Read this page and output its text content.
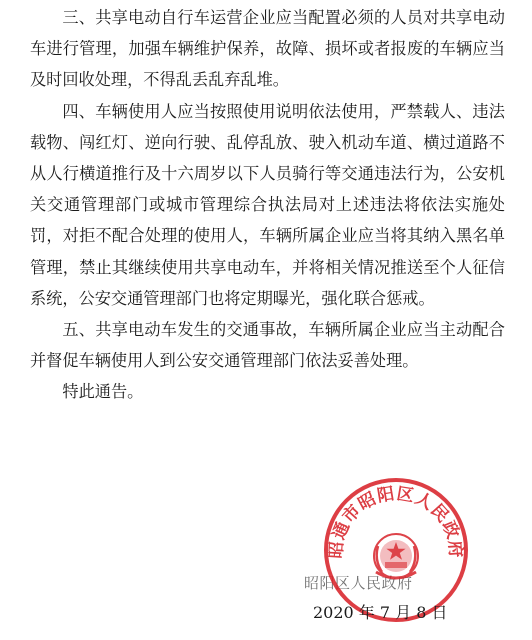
三、共享电动自行车运营企业应当配置必须的人员对共享电动车进行管理，加强车辆维护保养，故障、损坏或者报废的车辆应当及时回收处理，不得乱丢乱弃乱堆。

四、车辆使用人应当按照使用说明依法使用，严禁载人、违法载物、闯红灯、逆向行驶、乱停乱放、驶入机动车道、横过道路不从人行横道推行及十六周岁以下人员骑行等交通违法行为，公安机关交通管理部门或城市管理综合执法局对上述违法将依法实施处罚，对拒不配合处理的使用人，车辆所属企业应当将其纳入黑名单管理，禁止其继续使用共享电动车，并将相关情况推送至个人征信系统，公安交通管理部门也将定期曝光，强化联合惩戒。

五、共享电动车发生的交通事故，车辆所属企业应当主动配合并督促车辆使用人到公安交通管理部门依法妥善处理。

特此通告。

昭阳区人民政府
昭通市昭阳区人民政府
2020 年 7 月 8 日
